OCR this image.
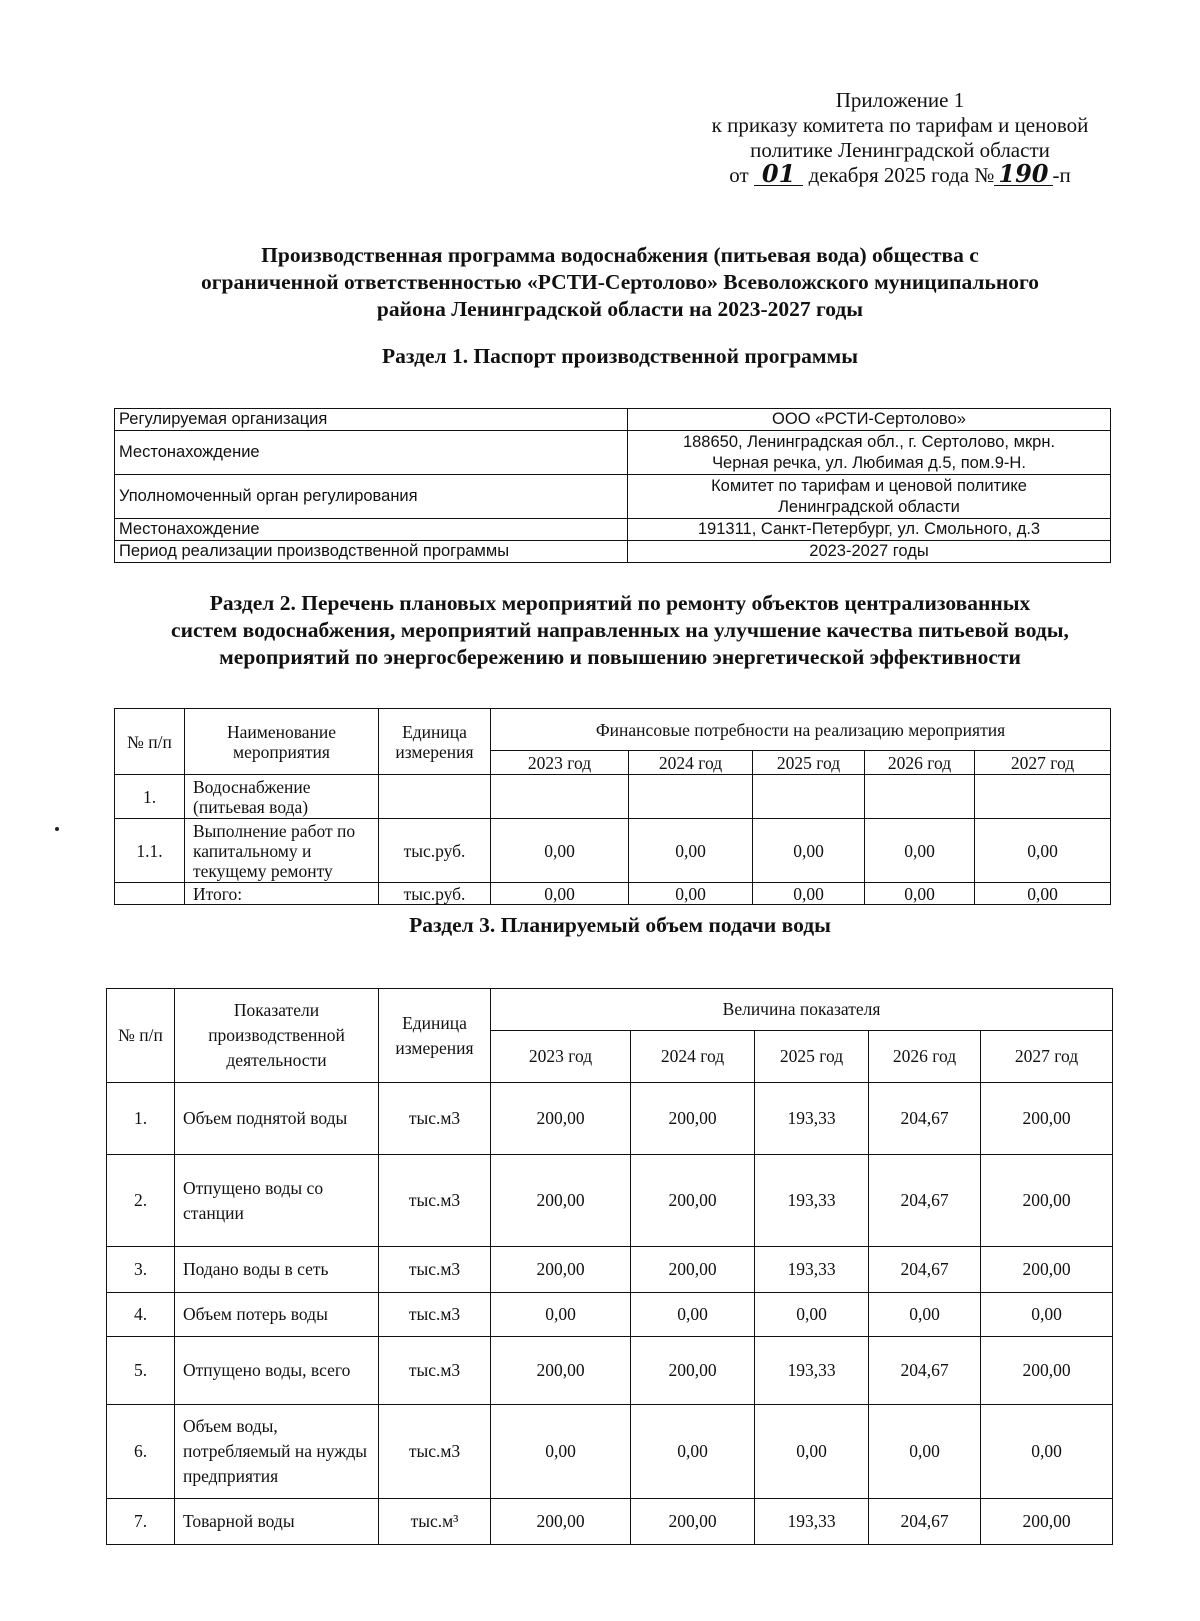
Приложение 1
к приказу комитета по тарифам и ценовой
политике Ленинградской области
от 01 декабря 2025 года № 190 -п
Производственная программа водоснабжения (питьевая вода) общества с
ограниченной ответственностью «РСТИ-Сертолово» Всеволожского муниципального
района Ленинградской области на 2023-2027 годы
Раздел 1. Паспорт производственной программы
Регулируемая организация	ООО «РСТИ-Сертолово»

Местонахождение	188650, Ленинградская обл., г. Сертолово, мкрн.
Черная речка, ул. Любимая д.5, пом.9-Н.

Уполномоченный орган регулирования	Комитет по тарифам и ценовой политике
Ленинградской области

Местонахождение	191311, Санкт-Петербург, ул. Смольного, д.3

Период реализации производственной программы	2023-2027 годы
Раздел 2. Перечень плановых мероприятий по ремонту объектов централизованных
систем водоснабжения, мероприятий направленных на улучшение качества питьевой воды,
мероприятий по энергосбережению и повышению энергетической эффективности
№ п/п	Наименование мероприятия	Единица измерения	Финансовые потребности на реализацию мероприятия				
			2023 год	2024 год	2025 год	2026 год	2027 год
1.	Водоснабжение (питьевая вода)						
1.1.	Выполнение работ по капитальному и текущему ремонту	тыс.руб.	0,00	0,00	0,00	0,00	0,00
	Итого:	тыс.руб.	0,00	0,00	0,00	0,00	0,00
Раздел 3. Планируемый объем подачи воды
№ п/п	Показатели производственной деятельности	Единица измерения	Величина показателя				
			2023 год	2024 год	2025 год	2026 год	2027 год
1.	Объем поднятой воды	тыс.м3	200,00	200,00	193,33	204,67	200,00
2.	Отпущено воды со станции	тыс.м3	200,00	200,00	193,33	204,67	200,00
3.	Подано воды в сеть	тыс.м3	200,00	200,00	193,33	204,67	200,00
4.	Объем потерь воды	тыс.м3	0,00	0,00	0,00	0,00	0,00
5.	Отпущено воды, всего	тыс.м3	200,00	200,00	193,33	204,67	200,00
6.	Объем воды, потребляемый на нужды предприятия	тыс.м3	0,00	0,00	0,00	0,00	0,00
7.	Товарной воды	тыс.м³	200,00	200,00	193,33	204,67	200,00
